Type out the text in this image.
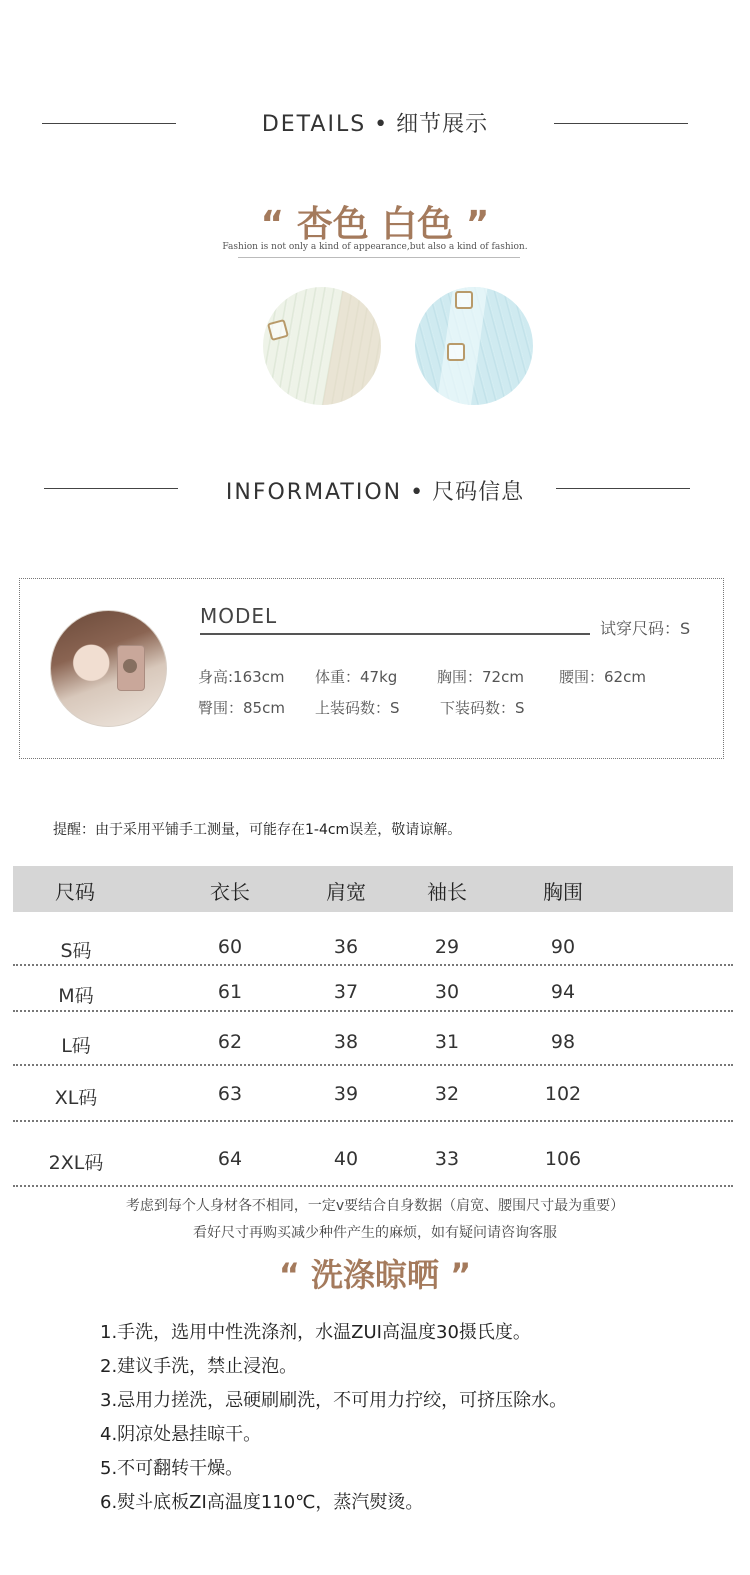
DETAILS • 细节展示
“ 杏色 白色 ”
Fashion is not only a kind of appearance,but also a kind of fashion.
INFORMATION • 尺码信息
MODEL
试穿尺码：S
身高:163cm 体重：47kg	胸围：72cm 腰围：62cm
臀围：85cm 上装码数：S	下装码数：S
提醒：由于采用平铺手工测量，可能存在1-4cm误差，敬请谅解。
尺码	衣长	肩宽	袖长	胸围
S码	60	36	29	90
M码	61	37	30	94
L码	62	38	31	98
XL码	63	39	32	102
2XL码	64	40	33	106
考虑到每个人身材各不相同，一定v要结合自身数据（肩宽、腰围尺寸最为重要）
看好尺寸再购买减少种件产生的麻烦，如有疑问请咨询客服
“ 洗涤晾晒 ”
1.手洗，选用中性洗涤剂，水温ZUI高温度30摄氏度。
2.建议手洗，禁止浸泡。
3.忌用力搓洗，忌硬刷刷洗，不可用力拧绞，可挤压除水。
4.阴凉处悬挂晾干。
5.不可翻转干燥。
6.熨斗底板ZI高温度110℃，蒸汽熨烫。
